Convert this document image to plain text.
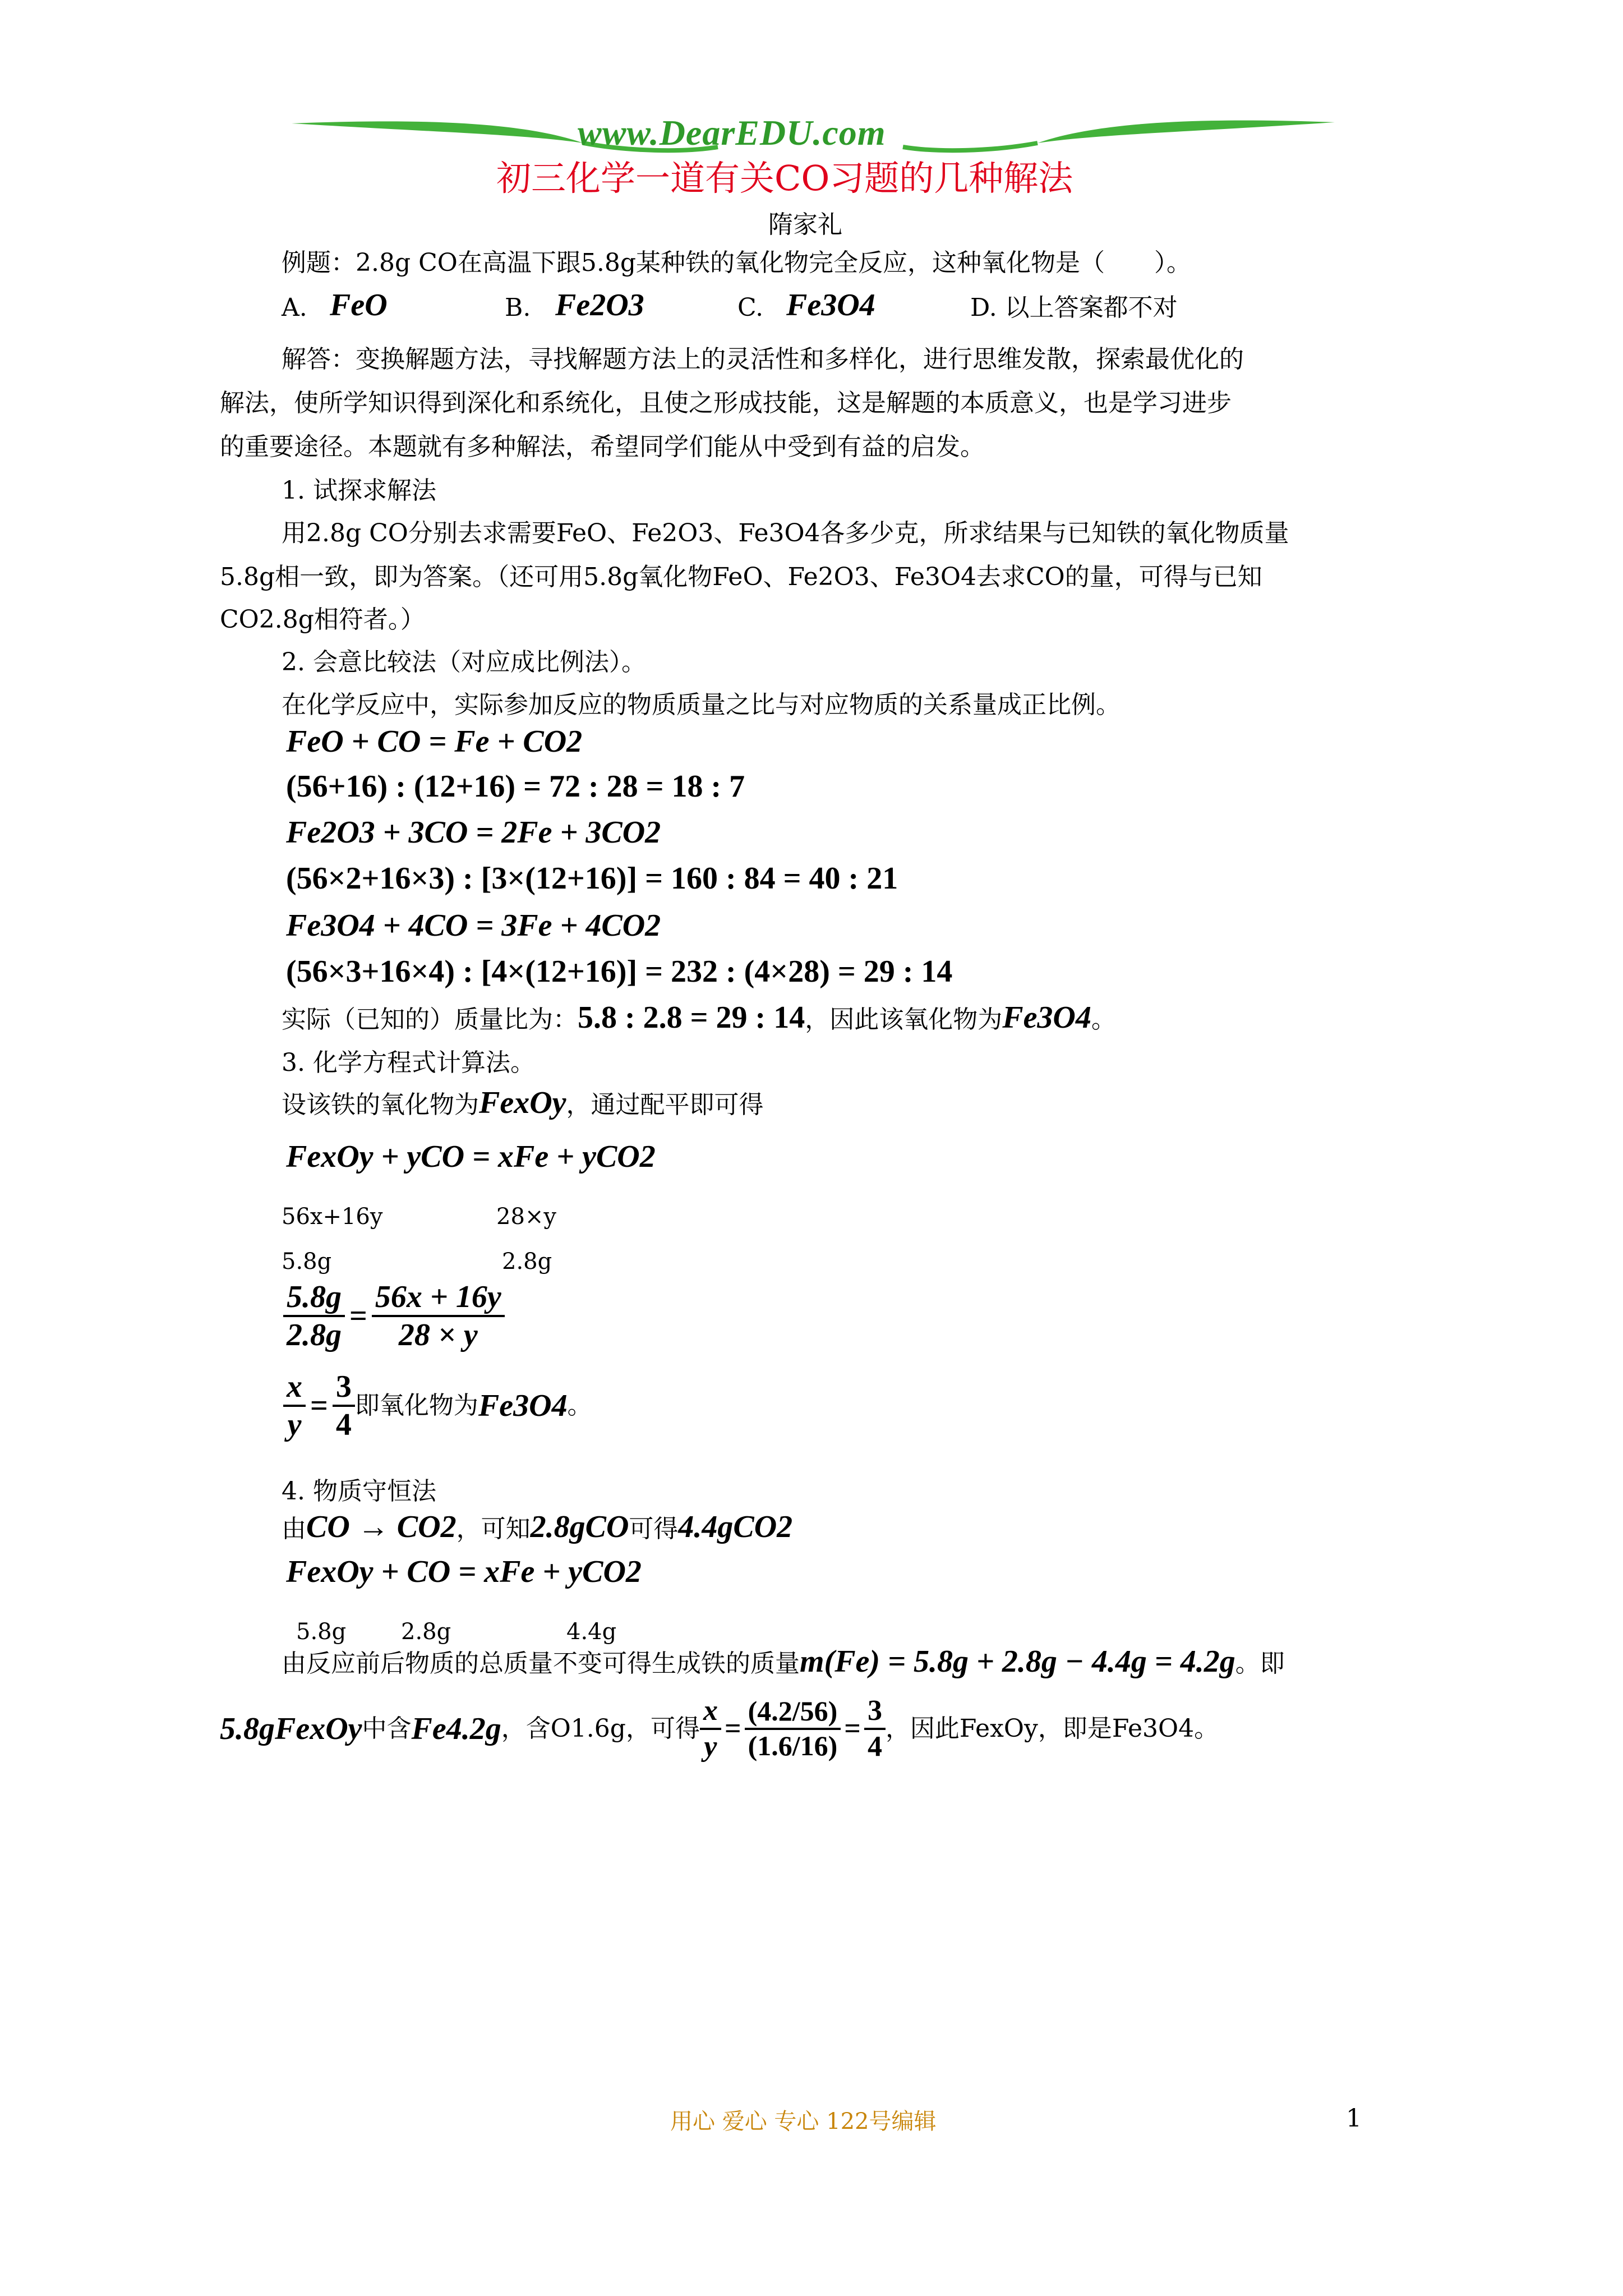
www.DearEDU.com
初三化学一道有关CO习题的几种解法
隋家礼
例题：2.8g CO在高温下跟5.8g某种铁的氧化物完全反应，这种氧化物是（　　）。
A. FeO	B. Fe2O3	C. Fe3O4	D. 以上答案都不对
解答：变换解题方法，寻找解题方法上的灵活性和多样化，进行思维发散，探索最优化的
解法，使所学知识得到深化和系统化，且使之形成技能，这是解题的本质意义，也是学习进步
的重要途径。本题就有多种解法，希望同学们能从中受到有益的启发。
1. 试探求解法
用2.8g CO分别去求需要FeO、Fe2O3、Fe3O4各多少克，所求结果与已知铁的氧化物质量
5.8g相一致，即为答案。（还可用5.8g氧化物FeO、Fe2O3、Fe3O4去求CO的量，可得与已知
CO2.8g相符者。）
2. 会意比较法（对应成比例法）。
在化学反应中，实际参加反应的物质质量之比与对应物质的关系量成正比例。
FeO + CO = Fe + CO2
(56+16) : (12+16) = 72 : 28 = 18 : 7
Fe2O3 + 3CO = 2Fe + 3CO2
(56×2+16×3) : [3×(12+16)] = 160 : 84 = 40 : 21
Fe3O4 + 4CO = 3Fe + 4CO2
(56×3+16×4) : [4×(12+16)] = 232 : (4×28) = 29 : 14
实际（已知的）质量比为：5.8 : 2.8 = 29 : 14，因此该氧化物为Fe3O4。
3. 化学方程式计算法。
设该铁的氧化物为FexOy，通过配平即可得
FexOy + yCO = xFe + yCO2
56x+16y	28×y
5.8g	2.8g
$\frac{5.8g}{2.8g} = \frac{56x + 16y}{28 \times y}$
$\frac{x}{y} = \frac{3}{4}$ 即氧化物为 Fe3O4 。
4. 物质守恒法
由CO → CO2，可知2.8gCO可得4.4gCO2
FexOy + CO = xFe + yCO2
5.8g 2.8g	4.4g
由反应前后物质的总质量不变可得生成铁的质量m(Fe) = 5.8g + 2.8g − 4.4g = 4.2g。即
5.8gFexOy 中含 Fe4.2g ，含O1.6g，可得 $\frac{x}{y} = \frac{(4.2/56)}{(1.6/16)} = \frac{3}{4}$ ，因此FexOy，即是Fe3O4。
用心 爱心 专心 122号编辑	1
